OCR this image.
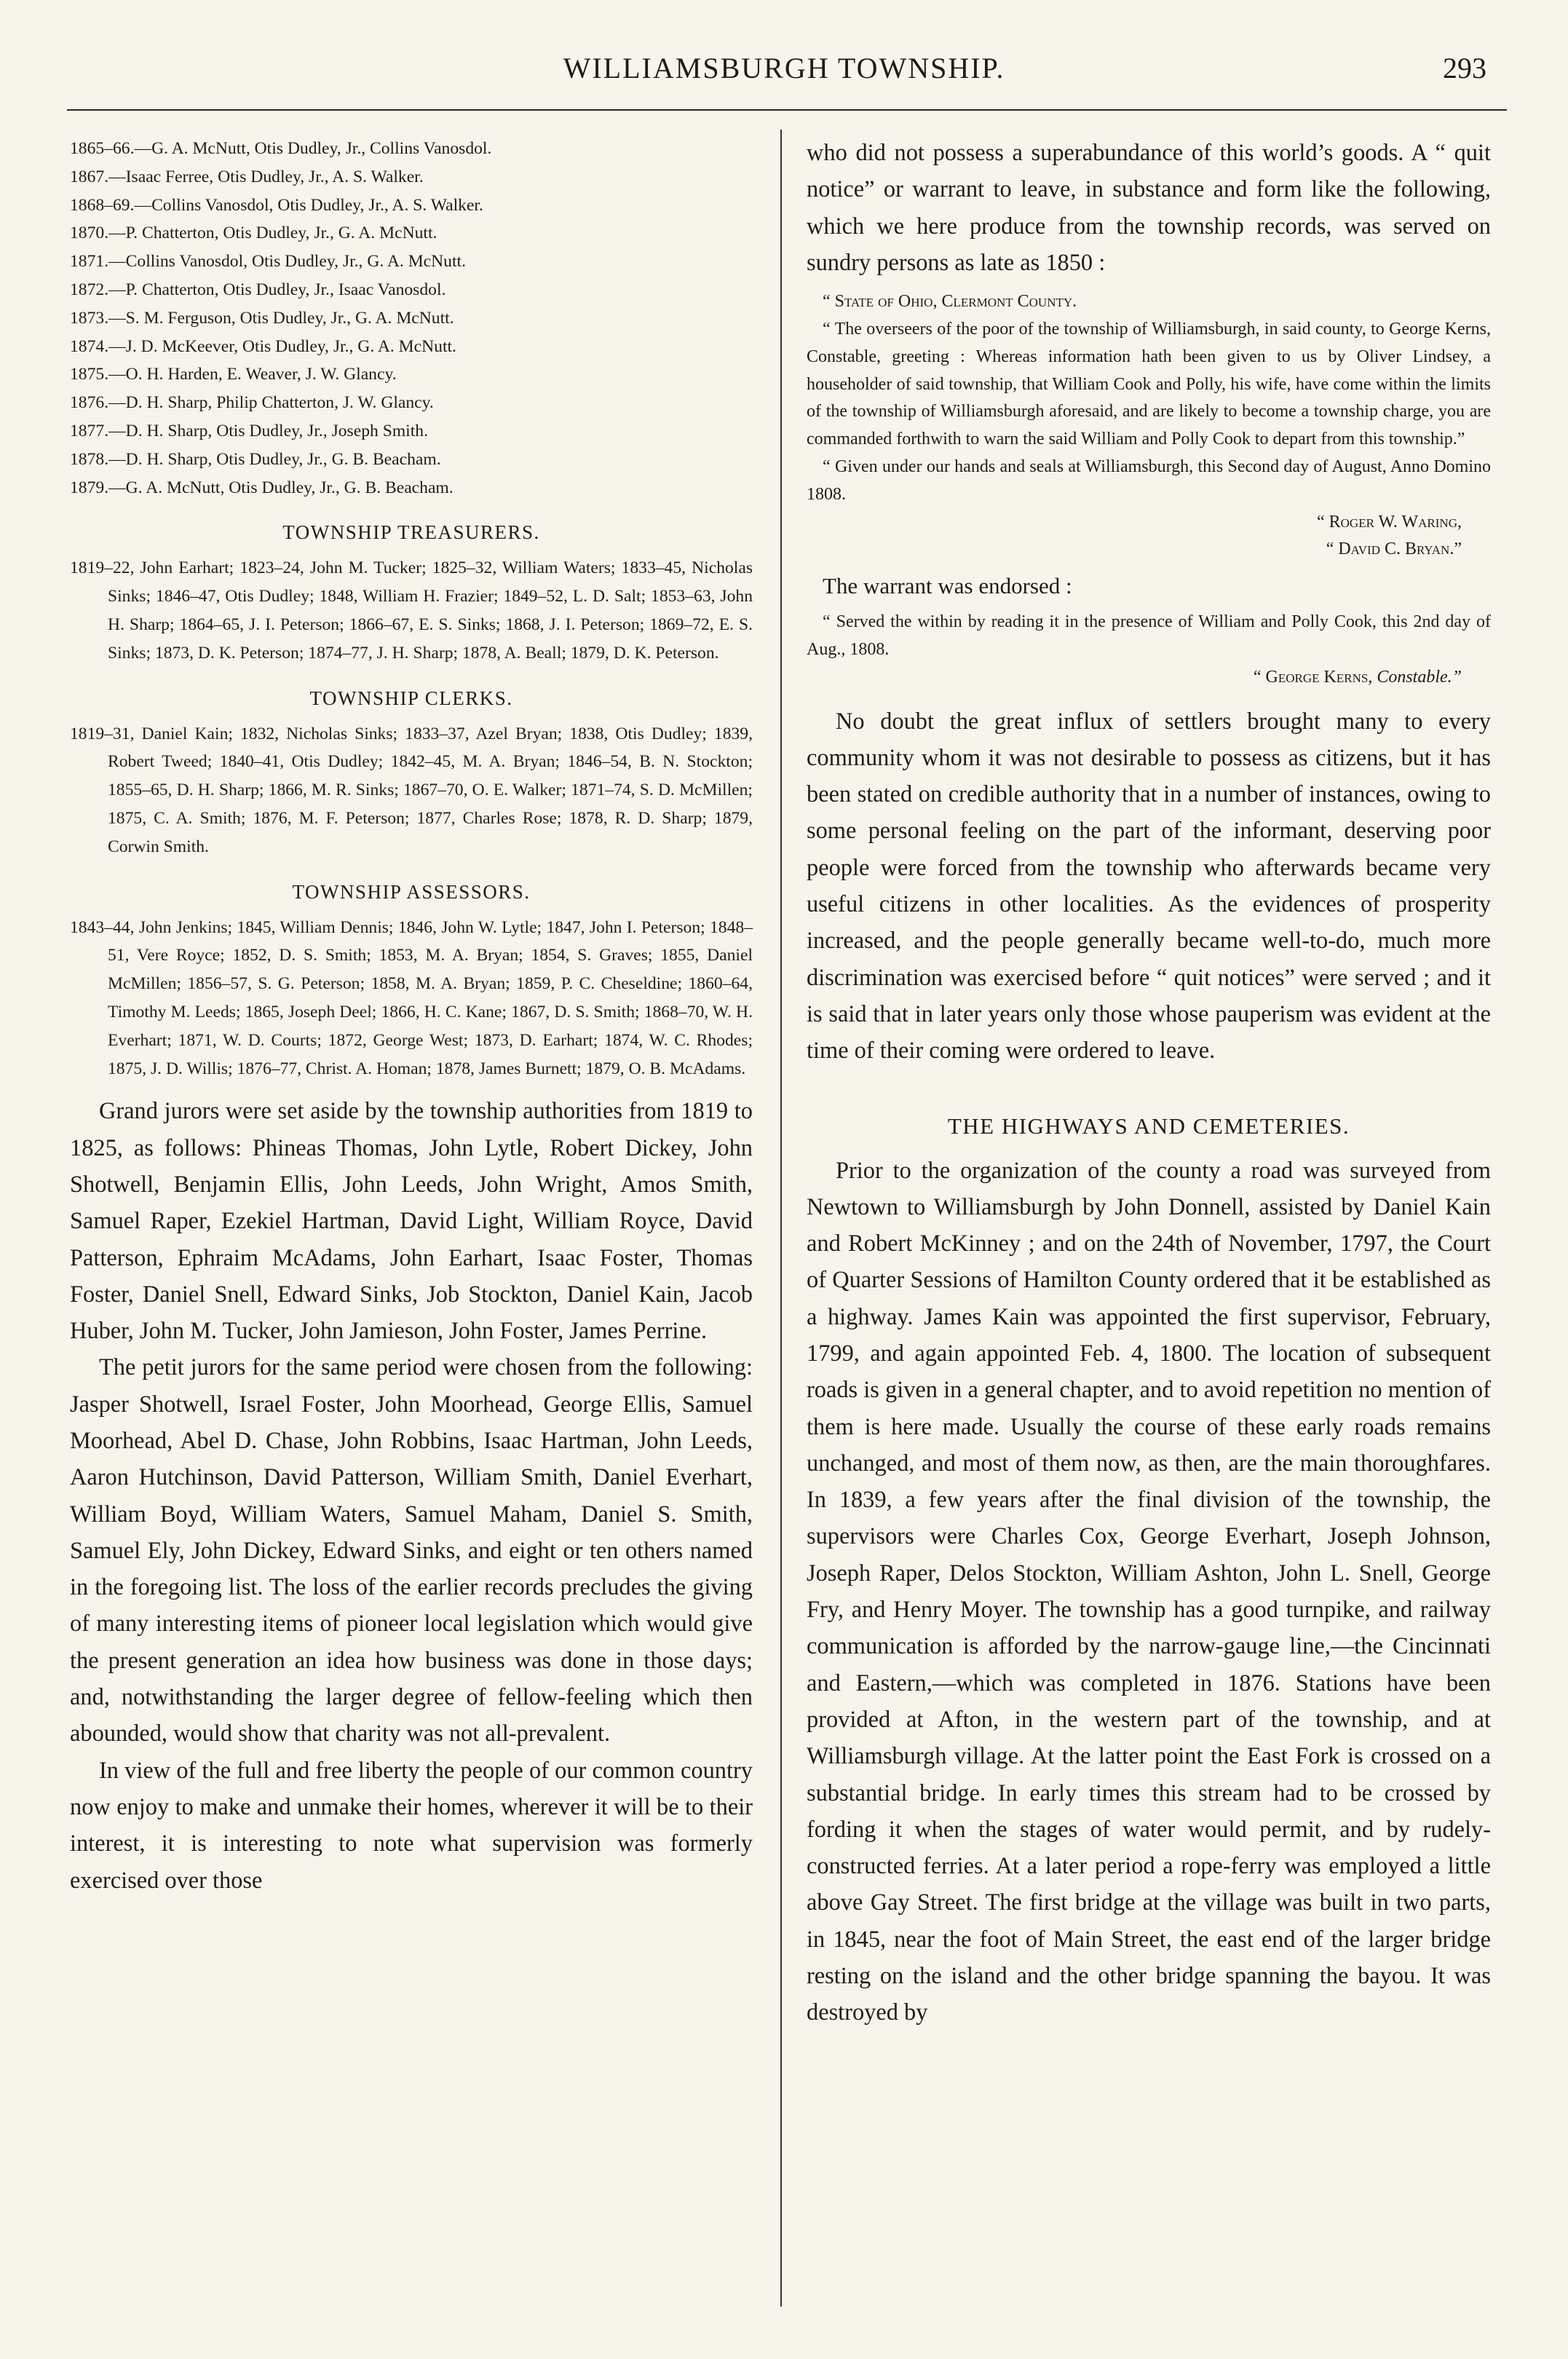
WILLIAMSBURGH TOWNSHIP.	293

1865–66.—G. A. McNutt, Otis Dudley, Jr., Collins Vanosdol.

1867.—Isaac Ferree, Otis Dudley, Jr., A. S. Walker.

1868–69.—Collins Vanosdol, Otis Dudley, Jr., A. S. Walker.

1870.—P. Chatterton, Otis Dudley, Jr., G. A. McNutt.

1871.—Collins Vanosdol, Otis Dudley, Jr., G. A. McNutt.

1872.—P. Chatterton, Otis Dudley, Jr., Isaac Vanosdol.

1873.—S. M. Ferguson, Otis Dudley, Jr., G. A. McNutt.

1874.—J. D. McKeever, Otis Dudley, Jr., G. A. McNutt.

1875.—O. H. Harden, E. Weaver, J. W. Glancy.

1876.—D. H. Sharp, Philip Chatterton, J. W. Glancy.

1877.—D. H. Sharp, Otis Dudley, Jr., Joseph Smith.

1878.—D. H. Sharp, Otis Dudley, Jr., G. B. Beacham.

1879.—G. A. McNutt, Otis Dudley, Jr., G. B. Beacham.

TOWNSHIP TREASURERS.

1819–22, John Earhart; 1823–24, John M. Tucker; 1825–32, William Waters; 1833–45, Nicholas Sinks; 1846–47, Otis Dudley; 1848, William H. Frazier; 1849–52, L. D. Salt; 1853–63, John H. Sharp; 1864–65, J. I. Peterson; 1866–67, E. S. Sinks; 1868, J. I. Peterson; 1869–72, E. S. Sinks; 1873, D. K. Peterson; 1874–77, J. H. Sharp; 1878, A. Beall; 1879, D. K. Peterson.

TOWNSHIP CLERKS.

1819–31, Daniel Kain; 1832, Nicholas Sinks; 1833–37, Azel Bryan; 1838, Otis Dudley; 1839, Robert Tweed; 1840–41, Otis Dudley; 1842–45, M. A. Bryan; 1846–54, B. N. Stockton; 1855–65, D. H. Sharp; 1866, M. R. Sinks; 1867–70, O. E. Walker; 1871–74, S. D. McMillen; 1875, C. A. Smith; 1876, M. F. Peterson; 1877, Charles Rose; 1878, R. D. Sharp; 1879, Corwin Smith.

TOWNSHIP ASSESSORS.

1843–44, John Jenkins; 1845, William Dennis; 1846, John W. Lytle; 1847, John I. Peterson; 1848–51, Vere Royce; 1852, D. S. Smith; 1853, M. A. Bryan; 1854, S. Graves; 1855, Daniel McMillen; 1856–57, S. G. Peterson; 1858, M. A. Bryan; 1859, P. C. Cheseldine; 1860–64, Timothy M. Leeds; 1865, Joseph Deel; 1866, H. C. Kane; 1867, D. S. Smith; 1868–70, W. H. Everhart; 1871, W. D. Courts; 1872, George West; 1873, D. Earhart; 1874, W. C. Rhodes; 1875, J. D. Willis; 1876–77, Christ. A. Homan; 1878, James Burnett; 1879, O. B. McAdams.

Grand jurors were set aside by the township authorities from 1819 to 1825, as follows: Phineas Thomas, John Lytle, Robert Dickey, John Shotwell, Benjamin Ellis, John Leeds, John Wright, Amos Smith, Samuel Raper, Ezekiel Hartman, David Light, William Royce, David Patterson, Ephraim McAdams, John Earhart, Isaac Foster, Thomas Foster, Daniel Snell, Edward Sinks, Job Stockton, Daniel Kain, Jacob Huber, John M. Tucker, John Jamieson, John Foster, James Perrine.

The petit jurors for the same period were chosen from the following: Jasper Shotwell, Israel Foster, John Moorhead, George Ellis, Samuel Moorhead, Abel D. Chase, John Robbins, Isaac Hartman, John Leeds, Aaron Hutchinson, David Patterson, William Smith, Daniel Everhart, William Boyd, William Waters, Samuel Maham, Daniel S. Smith, Samuel Ely, John Dickey, Edward Sinks, and eight or ten others named in the foregoing list. The loss of the earlier records precludes the giving of many interesting items of pioneer local legislation which would give the present generation an idea how business was done in those days; and, notwithstanding the larger degree of fellow-feeling which then abounded, would show that charity was not all-prevalent.

In view of the full and free liberty the people of our common country now enjoy to make and unmake their homes, wherever it will be to their interest, it is interesting to note what supervision was formerly exercised over those

who did not possess a superabundance of this world’s goods. A “ quit notice” or warrant to leave, in substance and form like the following, which we here produce from the township records, was served on sundry persons as late as 1850 :

“ State of Ohio, Clermont County.

“ The overseers of the poor of the township of Williamsburgh, in said county, to George Kerns, Constable, greeting : Whereas information hath been given to us by Oliver Lindsey, a householder of said township, that William Cook and Polly, his wife, have come within the limits of the township of Williamsburgh aforesaid, and are likely to become a township charge, you are commanded forthwith to warn the said William and Polly Cook to depart from this township.”

“ Given under our hands and seals at Williamsburgh, this Second day of August, Anno Domino 1808.

“ Roger W. Waring,

“ David C. Bryan.”

The warrant was endorsed :

“ Served the within by reading it in the presence of William and Polly Cook, this 2nd day of Aug., 1808.

“ George Kerns, Constable.”

No doubt the great influx of settlers brought many to every community whom it was not desirable to possess as citizens, but it has been stated on credible authority that in a number of instances, owing to some personal feeling on the part of the informant, deserving poor people were forced from the township who afterwards became very useful citizens in other localities. As the evidences of prosperity increased, and the people generally became well-to-do, much more discrimination was exercised before “ quit notices” were served ; and it is said that in later years only those whose pauperism was evident at the time of their coming were ordered to leave.

THE HIGHWAYS AND CEMETERIES.

Prior to the organization of the county a road was surveyed from Newtown to Williamsburgh by John Donnell, assisted by Daniel Kain and Robert McKinney ; and on the 24th of November, 1797, the Court of Quarter Sessions of Hamilton County ordered that it be established as a highway. James Kain was appointed the first supervisor, February, 1799, and again appointed Feb. 4, 1800. The location of subsequent roads is given in a general chapter, and to avoid repetition no mention of them is here made. Usually the course of these early roads remains unchanged, and most of them now, as then, are the main thoroughfares. In 1839, a few years after the final division of the township, the supervisors were Charles Cox, George Everhart, Joseph Johnson, Joseph Raper, Delos Stockton, William Ashton, John L. Snell, George Fry, and Henry Moyer. The township has a good turnpike, and railway communication is afforded by the narrow-gauge line,—the Cincinnati and Eastern,—which was completed in 1876. Stations have been provided at Afton, in the western part of the township, and at Williamsburgh village. At the latter point the East Fork is crossed on a substantial bridge. In early times this stream had to be crossed by fording it when the stages of water would permit, and by rudely-constructed ferries. At a later period a rope-ferry was employed a little above Gay Street. The first bridge at the village was built in two parts, in 1845, near the foot of Main Street, the east end of the larger bridge resting on the island and the other bridge spanning the bayou. It was destroyed by
